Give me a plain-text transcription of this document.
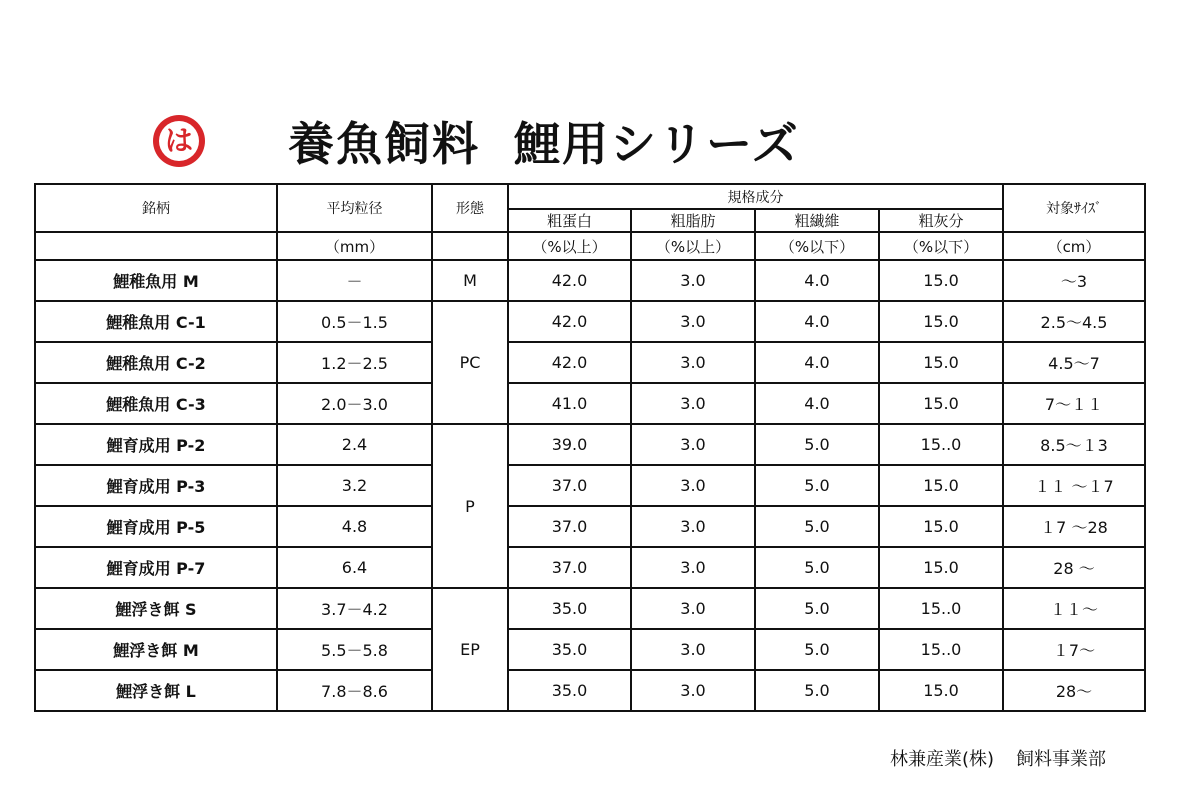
は 養魚飼料 鯉用シリーズ
銘柄	平均粒径	形態	規格成分				対象ｻｲｽﾞ
			粗蛋白	粗脂肪	粗繊維	粗灰分	
	（mm）		（%以上）	（%以上）	（%以下）	（%以下）	（cm）
鯉稚魚用 M	－	M	42.0	3.0	4.0	15.0	～3
鯉稚魚用 C-1	0.5－1.5	PC	42.0	3.0	4.0	15.0	2.5～4.5
鯉稚魚用 C-2	1.2－2.5		42.0	3.0	4.0	15.0	4.5～7
鯉稚魚用 C-3	2.0－3.0		41.0	3.0	4.0	15.0	7～１１
鯉育成用 P-2	2.4	P	39.0	3.0	5.0	15..0	8.5～１3
鯉育成用 P-3	3.2		37.0	3.0	5.0	15.0	１１ ～１7
鯉育成用 P-5	4.8		37.0	3.0	5.0	15.0	１7 ～28
鯉育成用 P-7	6.4		37.0	3.0	5.0	15.0	28 ～
鯉浮き餌 S	3.7－4.2	EP	35.0	3.0	5.0	15..0	１１～
鯉浮き餌 M	5.5－5.8		35.0	3.0	5.0	15..0	１7～
鯉浮き餌 L	7.8－8.6		35.0	3.0	5.0	15.0	28～
林兼産業(株) 飼料事業部
